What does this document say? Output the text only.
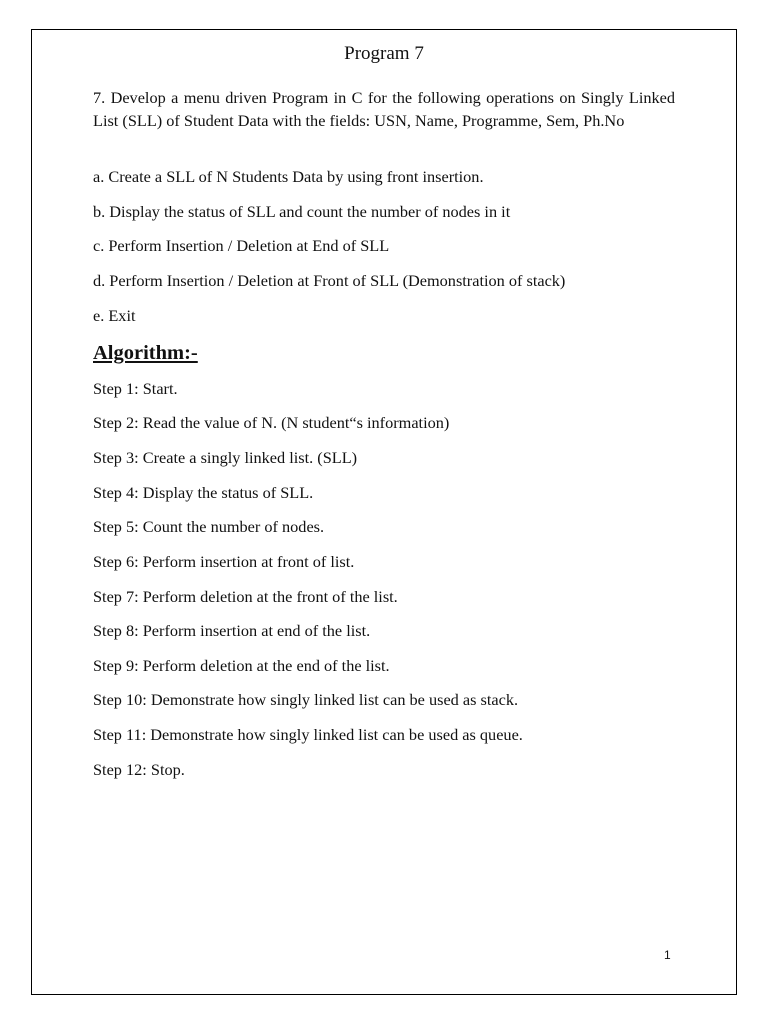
Program 7

7. Develop a menu driven Program in C for the following operations on Singly Linked List (SLL) of Student Data with the fields: USN, Name, Programme, Sem, Ph.No

a. Create a SLL of N Students Data by using front insertion.

b. Display the status of SLL and count the number of nodes in it

c. Perform Insertion / Deletion at End of SLL

d. Perform Insertion / Deletion at Front of SLL (Demonstration of stack)

e. Exit

Algorithm:-

Step 1: Start.

Step 2: Read the value of N. (N student“s information)

Step 3: Create a singly linked list. (SLL)

Step 4: Display the status of SLL.

Step 5: Count the number of nodes.

Step 6: Perform insertion at front of list.

Step 7: Perform deletion at the front of the list.

Step 8: Perform insertion at end of the list.

Step 9: Perform deletion at the end of the list.

Step 10: Demonstrate how singly linked list can be used as stack.

Step 11: Demonstrate how singly linked list can be used as queue.

Step 12: Stop.

1
